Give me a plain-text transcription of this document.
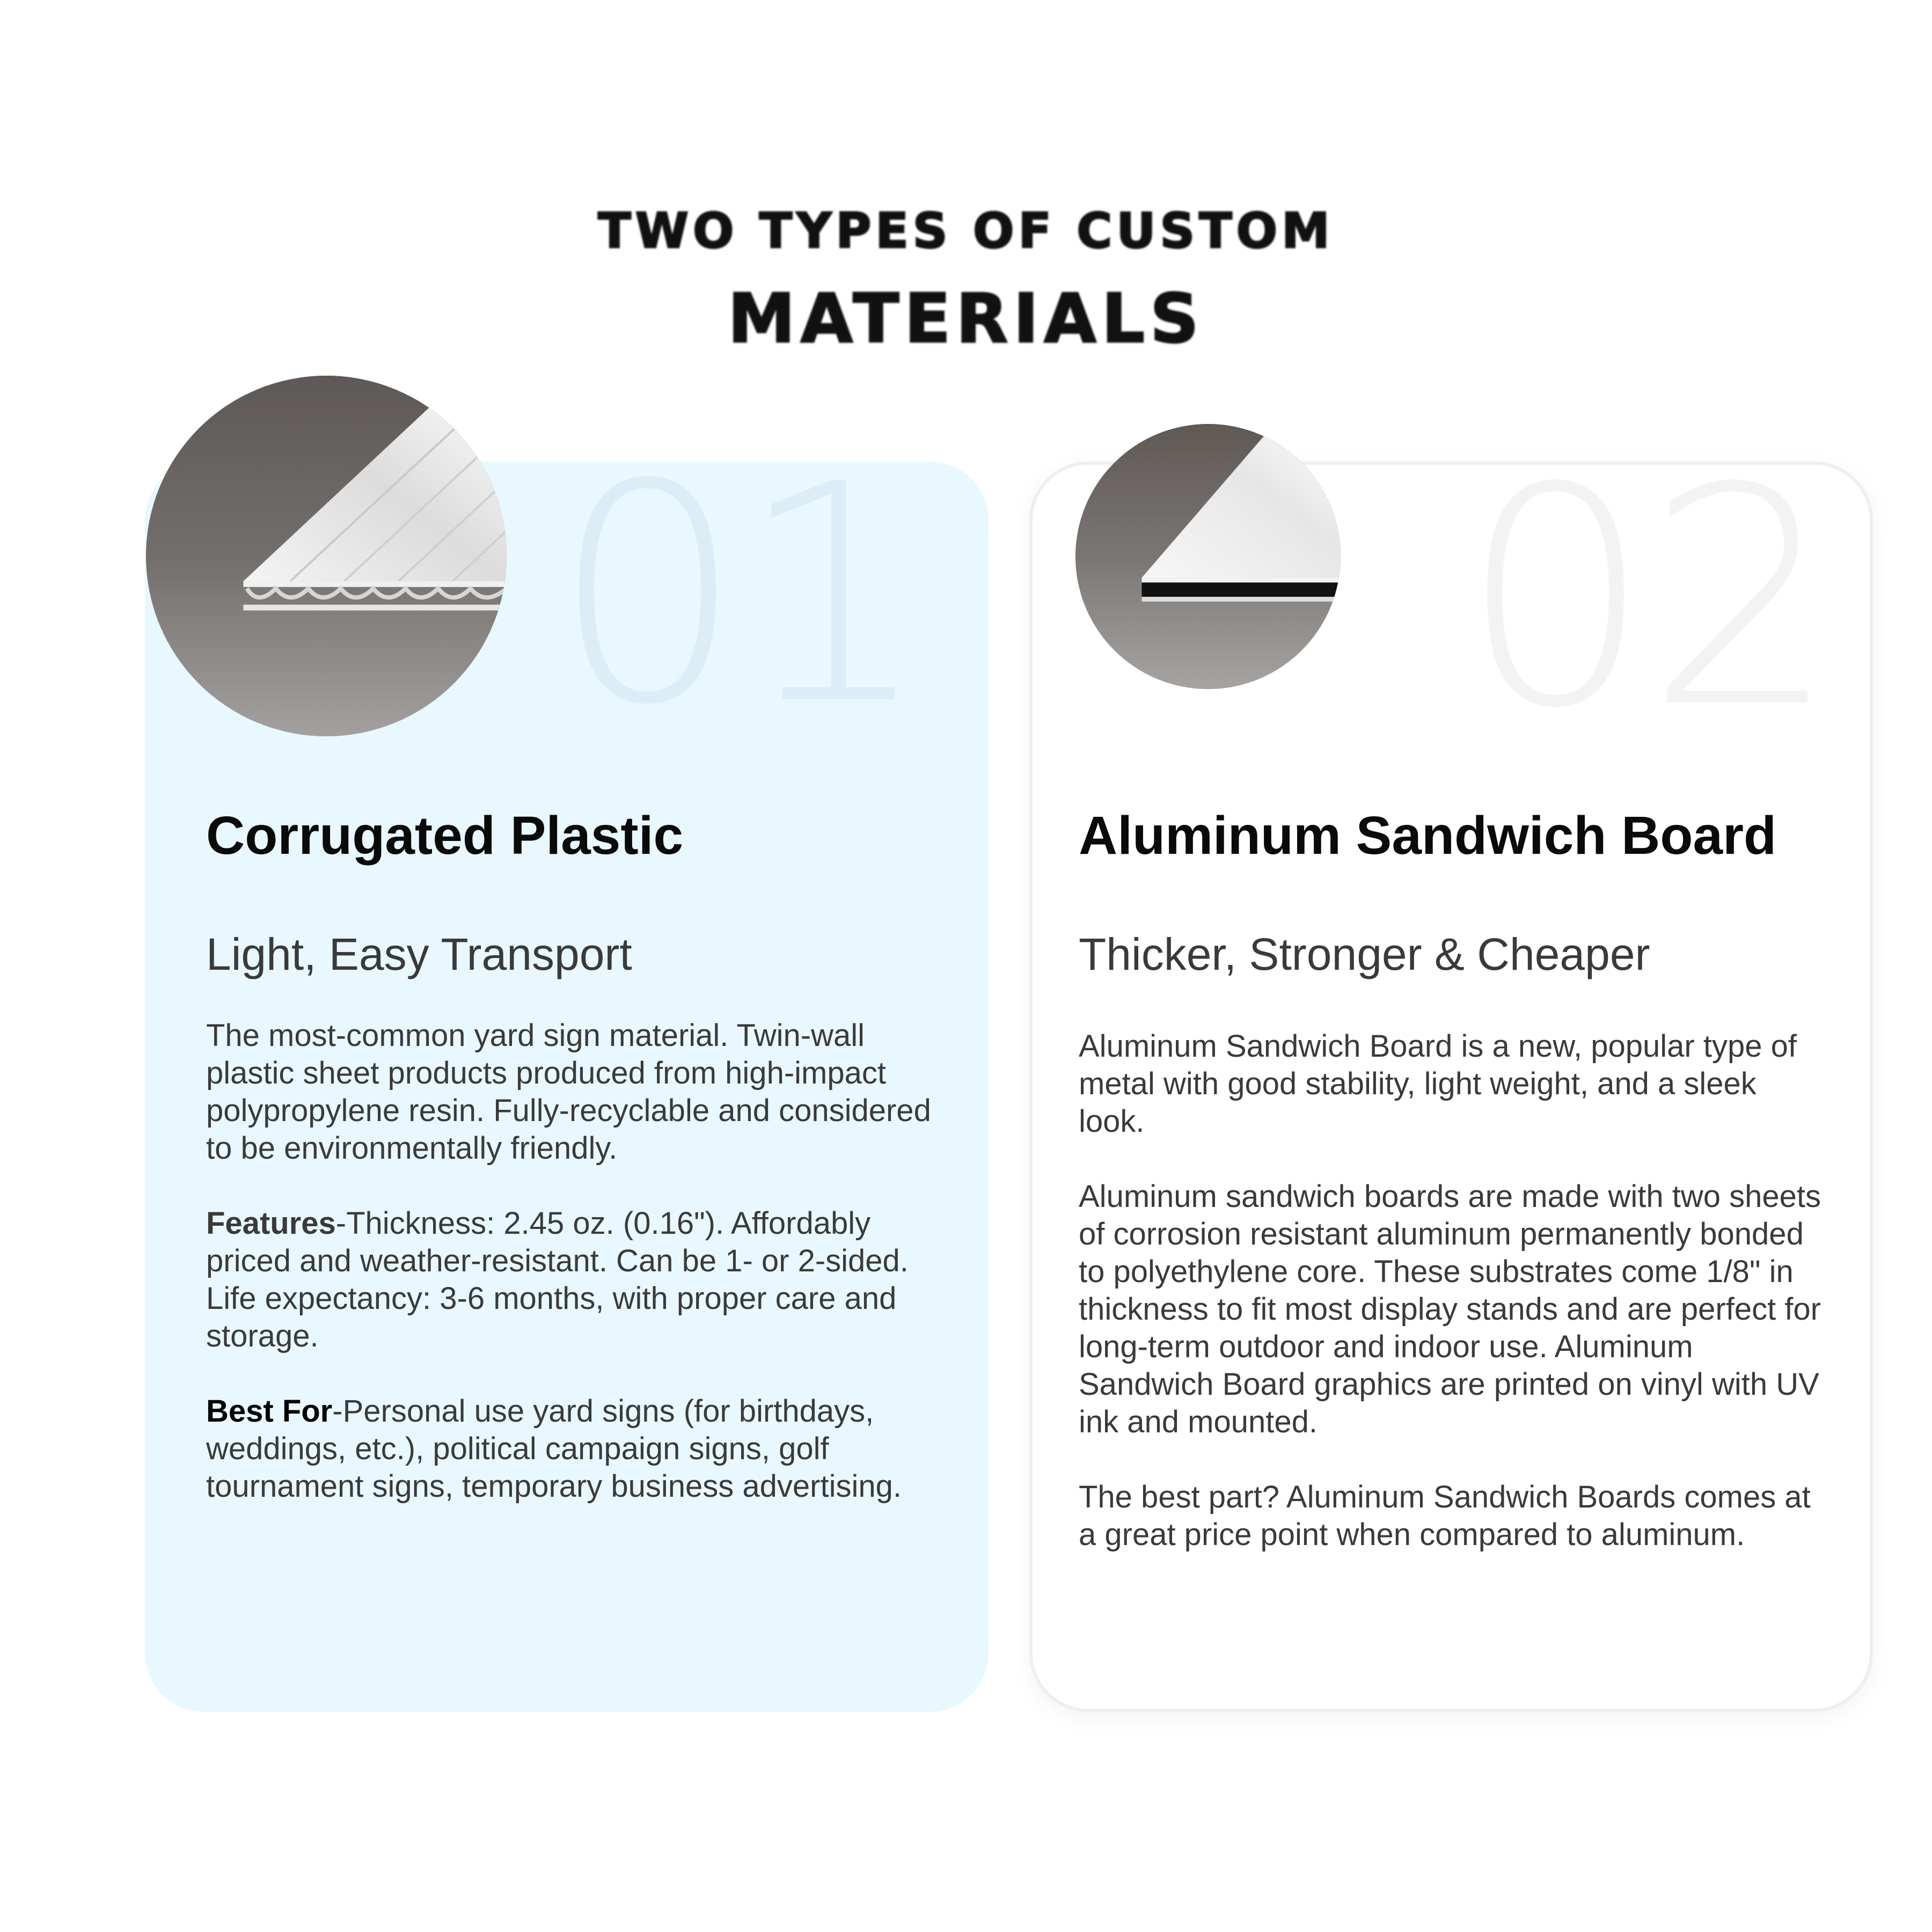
TWO TYPES OF CUSTOM
MATERIALS
01 02
Corrugated Plastic
Light, Easy Transport

The most-common yard sign material. Twin-wall plastic sheet products produced from high-impact polypropylene resin. Fully-recyclable and considered to be environmentally friendly.

Features-Thickness: 2.45 oz. (0.16"). Affordably priced and weather-resistant. Can be 1- or 2-sided. Life expectancy: 3-6 months, with proper care and storage.

Best For-Personal use yard signs (for birthdays, weddings, etc.), political campaign signs, golf tournament signs, temporary business advertising.

Aluminum Sandwich Board
Thicker, Stronger & Cheaper

Aluminum Sandwich Board is a new, popular type of metal with good stability, light weight, and a sleek look.

Aluminum sandwich boards are made with two sheets of corrosion resistant aluminum permanently bonded to polyethylene core. These substrates come 1/8" in thickness to fit most display stands and are perfect for long-term outdoor and indoor use. Aluminum Sandwich Board graphics are printed on vinyl with UV ink and mounted.

The best part? Aluminum Sandwich Boards comes at a great price point when compared to aluminum.
